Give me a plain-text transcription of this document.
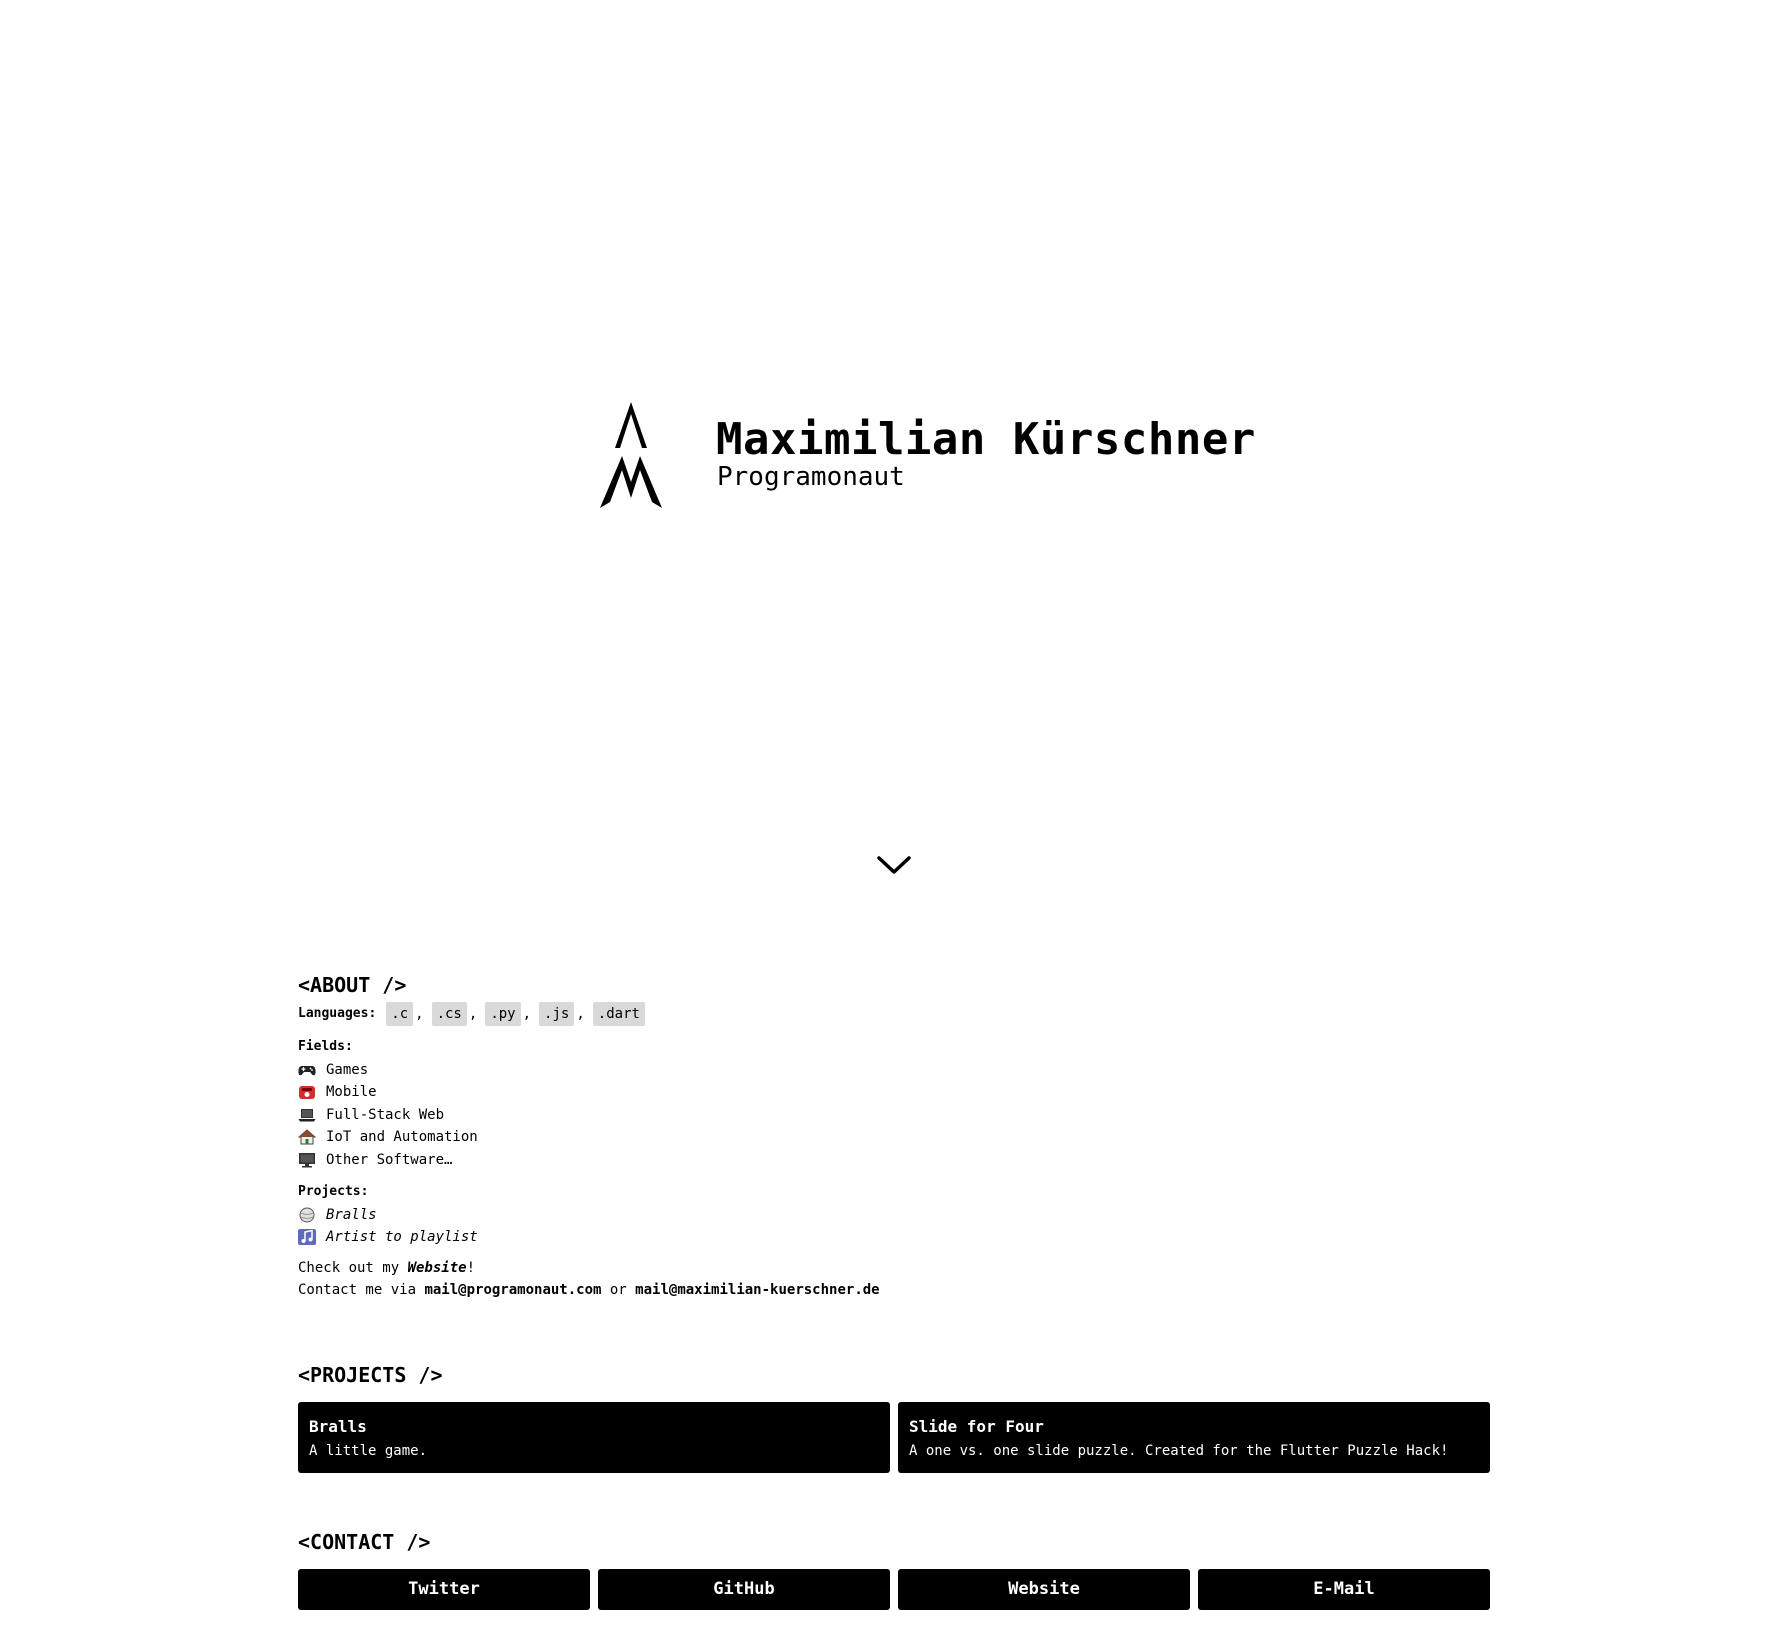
Maximilian Kürschner
Programonaut
<ABOUT />
Languages:	.c , .cs , .py , .js , .dart
Fields:
Games
Mobile
Full-Stack Web
IoT and Automation
Other Software…
Projects:
Bralls
Artist to playlist
Check out my Website!
Contact me via mail@programonaut.com or mail@maximilian-kuerschner.de
<PROJECTS />
Bralls
A little game.
Slide for Four
A one vs. one slide puzzle. Created for the Flutter Puzzle Hack!
<CONTACT />
Twitter	GitHub	Website	E-Mail
